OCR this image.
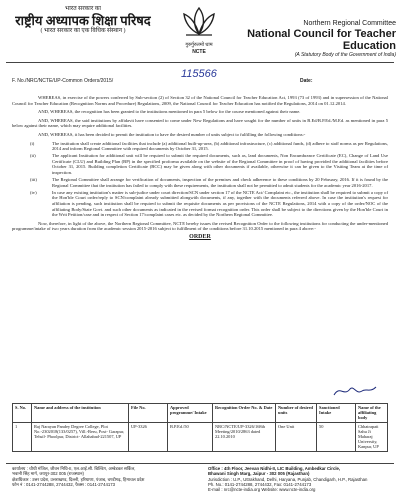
भारत सरकार का
राष्ट्रीय अध्यापक शिक्षा परिषद
( भारत सरकार का एक विधिक संस्थान )
गुरुर्गुरुतमो धाम
NCTE
Northern Regional Committee
National Council for Teacher Education
(A Statutory Body of the Government of India)
115566
F. No./NRC/NCTE/UP-Common Orders/2015/	Date:

WHEREAS, in exercise of the powers conferred by Sub-section (2) of Section 32 of the National Council for Teacher Education Act, 1993 (73 of 1993) and in supersession of the National Council for Teacher Education (Recognition Norms and Procedure) Regulations, 2009, the National Council for Teacher Education has notified the Regulations, 2014 on 01.12.2014.

AND, WHEREAS, the recognition has been granted to the institutions mentioned in para 5 below for the course mentioned against their name.

AND, WHEREAS, the said institutions by affidavit have consented to come under New Regulations and have sought for the number of units in B.Ed/B.P.Ed./M.Ed. as mentioned in para 5 below against their name, which may require additional facilities.

AND, WHEREAS, it has been decided to permit the institution to have the desired number of units subject to fulfilling the following conditions:-

(i)	The institution shall create additional facilities that include (a) additional built-up-area, (b) additional infrastructure, (c) additional funds, (d) adhere to staff norms as per Regulations, 2014 and inform Regional Committee with required documents by October 31, 2015.
(ii)	The applicant Institution for additional unit will be required to submit the required documents, such as, land documents, Non Encumbrance Certificate (EC), Change of Land Use Certificate (CLU) and Building Plan (BP) in the specified proforma available on the website of the Regional Committee in proof of having provided the additional facilities before October 31, 2015. Building completion Certificate (BCC) may be given along with other documents if available, otherwise it can be given to the Visiting Team at the time of inspection.
(iii)	The Regional Committee shall arrange for verification of documents, inspection of the premises and check adherence to these conditions by 20 February, 2016. If it is found by the Regional Committee that the institution has failed to comply with these requirements, the institution shall not be permitted to admit students for the academic year 2016-2017.
(iv)	In case any existing institution's matter is sub-judice under court direction/SCN under section 17 of the NCTE Act/ Complaint etc., the institution shall be required to submit a copy of the Hon'ble Court order/reply to SCN/complaint already submitted alongwith documents, if any, together with the documents referred above. In case the institution's request for affiliation is pending, such institution shall be required to submit the requisite documents as per provisions of the NCTE Regulations, 2014 with a copy of the order/NOC of the affiliating Body/State Govt. and such other documents as indicated in the revised format recognition order. This order shall be subject to the directions given by the Hon'ble Court in the Writ Petition/case and in respect of Section 17/complaint cases etc. as decided by the Northern Regional Committee.

Now, therefore, in light of the above, the Northern Regional Committee, NCTE hereby issues the revised Recognition Order to the following institutions for conducting the under-mentioned programme/intake of two years duration from the academic session 2015-2016 subject to fulfillment of the conditions before 31.10.2015 mentioned in para 4 above:-

ORDER
S. No.	Name and address of the institution	File No.	Approved programme/ Intake	Recognition Order No. & Date	Number of desired units	Sanctioned Intake	Name of the affiliating body
1	Raj Narayan Pandey Degree College, Plot No.-2302018(133/0257), Vill.-Beru, Post- Garapur, Tehsil- Phoolpur, District- Allahabad-221507, UP	UP-3326	B.P.Ed./50	NRC/NCTE/UP-3326/168th Meeting/2010/2863 dated 22.10.2010	One Unit	50	Chhatrapati Sahu Ji Maharaj University, Kanpur, UP
कार्यालय : चौथी मंजिल, जीवन निधि-II, एल.आई.सी. बिल्डिंग, अम्बेडकर सर्किल,
भवानी सिंह मार्ग, जयपुर-302 005 (राजस्थान)
क्षेत्राधिकार : उत्तर प्रदेश, उत्तराखण्ड, दिल्ली, हरियाणा, पंजाब, चण्डीगढ़, हिमाचल प्रदेश
फोन नं : 0141-2744288, 2744432, फैक्स : 0141-2744173
Office : 4th Floor, Jeevan Nidhi-II, LIC Building, Ambedkar Circle,
Bhawani Singh Marg, Jaipur - 302 005 (Rajasthan)
Jurisdiction : U.P., Uttrakhand, Delhi, Haryana, Punjab, Chandigarh, H.P., Rajasthan
Ph. No.: 0141-2744288, 2744432, Fax: 0141-2744173
E-mail : nrc@ncte-india.org Website: www.ncte-india.org
